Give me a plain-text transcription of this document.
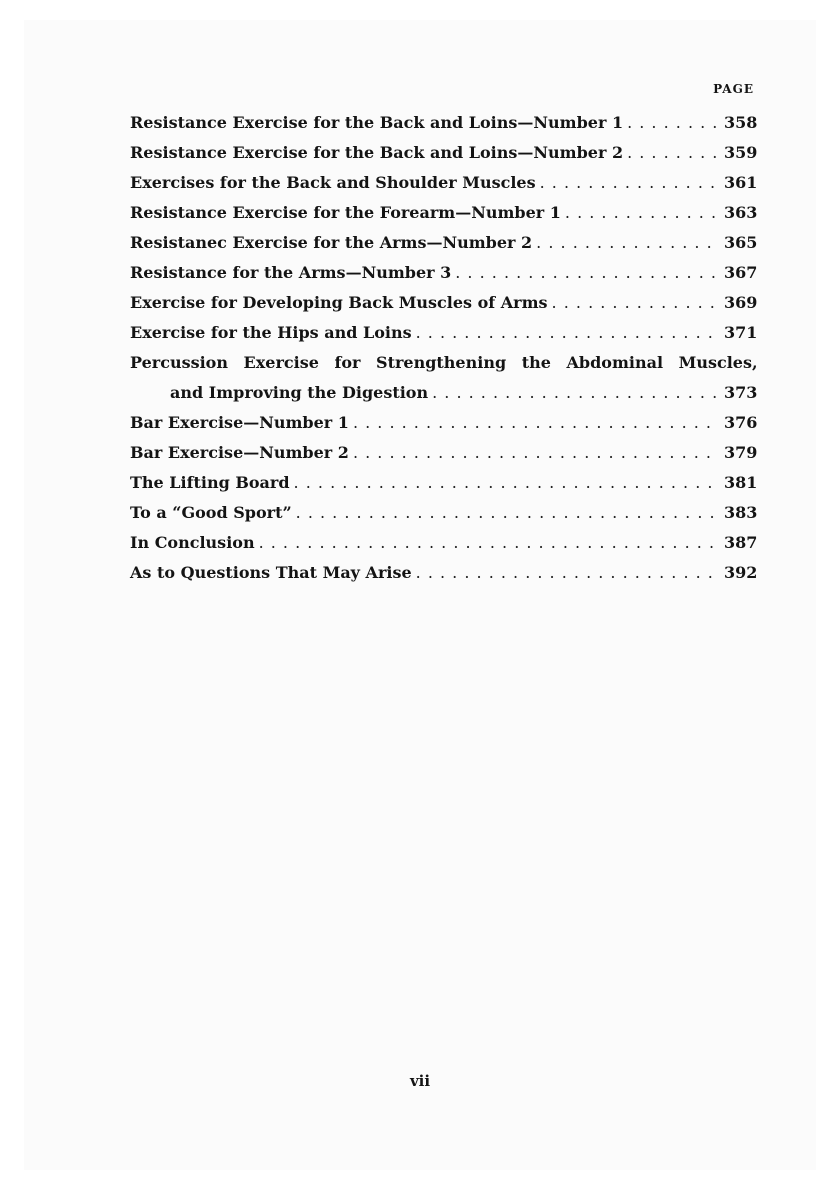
PAGE
Resistance Exercise for the Back and Loins—Number 1 . . .	358
Resistance Exercise for the Back and Loins—Number 2 . . .	359
Exercises for the Back and Shoulder Muscles . . .	361
Resistance Exercise for the Forearm—Number 1 . . .	363
Resistanec Exercise for the Arms—Number 2 . . .	365
Resistance for the Arms—Number 3 . . .	367
Exercise for Developing Back Muscles of Arms . . .	369
Exercise for the Hips and Loins . . .	371
Percussion Exercise for Strengthening the Abdominal Muscles,
and Improving the Digestion . . .	373
Bar Exercise—Number 1 . . .	376
Bar Exercise—Number 2 . . .	379
The Lifting Board . . .	381
To a “Good Sport” . . .	383
In Conclusion . . .	387
As to Questions That May Arise . . .	392
vii
